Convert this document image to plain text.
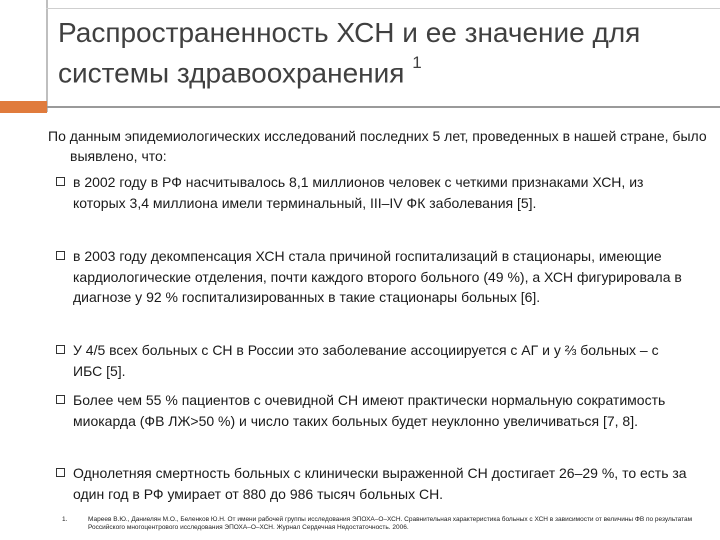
Распространенность ХСН и ее значение для системы здравоохранения $^1$

По данным эпидемиологических исследований последних 5 лет, проведенных в нашей стране, было выявлено, что:

в 2002 году в РФ насчитывалось 8,1 миллионов человек с четкими признаками ХСН, из которых 3,4 миллиона имели терминальный, III–IV ФК заболевания [5].
в 2003 году декомпенсация ХСН стала причиной госпитализаций в стационары, имеющие кардиологические отделения, почти каждого второго больного (49 %), а ХСН фигурировала в диагнозе у 92 % госпитализированных в такие стационары больных [6].
У 4/5 всех больных с СН в России это заболевание ассоциируется с АГ и у ⅔ больных – с ИБС [5].
Более чем 55 % пациентов с очевидной СН имеют практически нормальную сократимость миокарда (ФВ ЛЖ>50 %) и число таких больных будет неуклонно увеличиваться [7, 8].
Однолетняя смертность больных с клинически выраженной СН достигает 26–29 %, то есть за один год в РФ умирает от 880 до 986 тысяч больных СН.
1.	Мареев В.Ю., Даниелян М.О., Беленков Ю.Н. От имени рабочей группы исследования ЭПОХА–О–ХСН. Сравнительная характеристика больных с ХСН в зависимости от величины ФВ по результатам Российского многоцентрового исследования ЭПОХА–О–ХСН. Журнал Сердечная Недостаточность. 2006.
